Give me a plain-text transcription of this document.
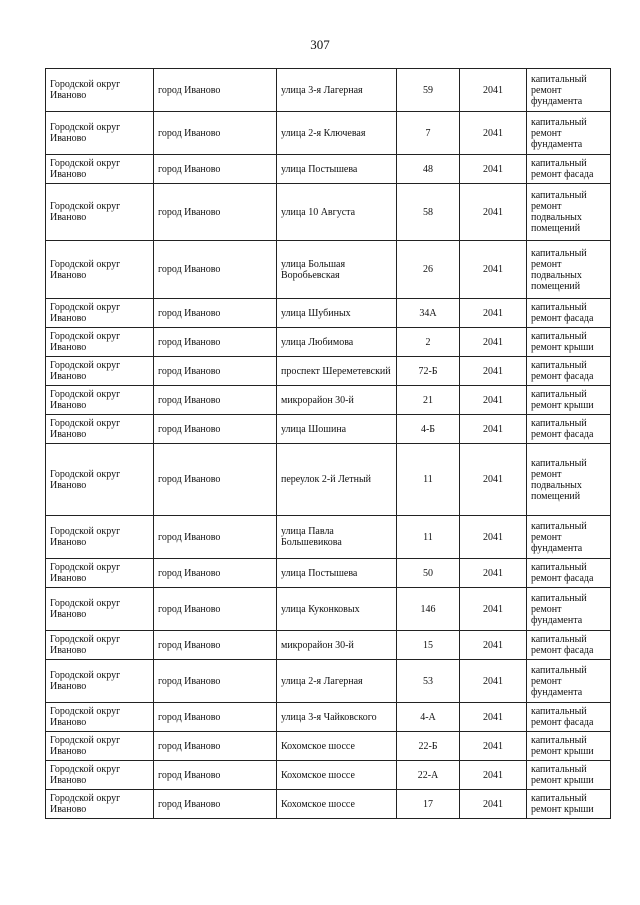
307
Городской округ Иваново	город Иваново	улица 3-я Лагерная	59	2041	капитальный ремонт фундамента
Городской округ Иваново	город Иваново	улица 2-я Ключевая	7	2041	капитальный ремонт фундамента
Городской округ Иваново	город Иваново	улица Постышева	48	2041	капитальный ремонт фасада
Городской округ Иваново	город Иваново	улица 10 Августа	58	2041	капитальный ремонт подвальных помещений
Городской округ Иваново	город Иваново	улица Большая Воробьевская	26	2041	капитальный ремонт подвальных помещений
Городской округ Иваново	город Иваново	улица Шубиных	34А	2041	капитальный ремонт фасада
Городской округ Иваново	город Иваново	улица Любимова	2	2041	капитальный ремонт крыши
Городской округ Иваново	город Иваново	проспект Шереметевский	72-Б	2041	капитальный ремонт фасада
Городской округ Иваново	город Иваново	микрорайон 30-й	21	2041	капитальный ремонт крыши
Городской округ Иваново	город Иваново	улица Шошина	4-Б	2041	капитальный ремонт фасада
Городской округ Иваново	город Иваново	переулок 2-й Летный	11	2041	капитальный ремонт подвальных помещений
Городской округ Иваново	город Иваново	улица Павла Большевикова	11	2041	капитальный ремонт фундамента
Городской округ Иваново	город Иваново	улица Постышева	50	2041	капитальный ремонт фасада
Городской округ Иваново	город Иваново	улица Куконковых	146	2041	капитальный ремонт фундамента
Городской округ Иваново	город Иваново	микрорайон 30-й	15	2041	капитальный ремонт фасада
Городской округ Иваново	город Иваново	улица 2-я Лагерная	53	2041	капитальный ремонт фундамента
Городской округ Иваново	город Иваново	улица 3-я Чайковского	4-А	2041	капитальный ремонт фасада
Городской округ Иваново	город Иваново	Кохомское шоссе	22-Б	2041	капитальный ремонт крыши
Городской округ Иваново	город Иваново	Кохомское шоссе	22-А	2041	капитальный ремонт крыши
Городской округ Иваново	город Иваново	Кохомское шоссе	17	2041	капитальный ремонт крыши
